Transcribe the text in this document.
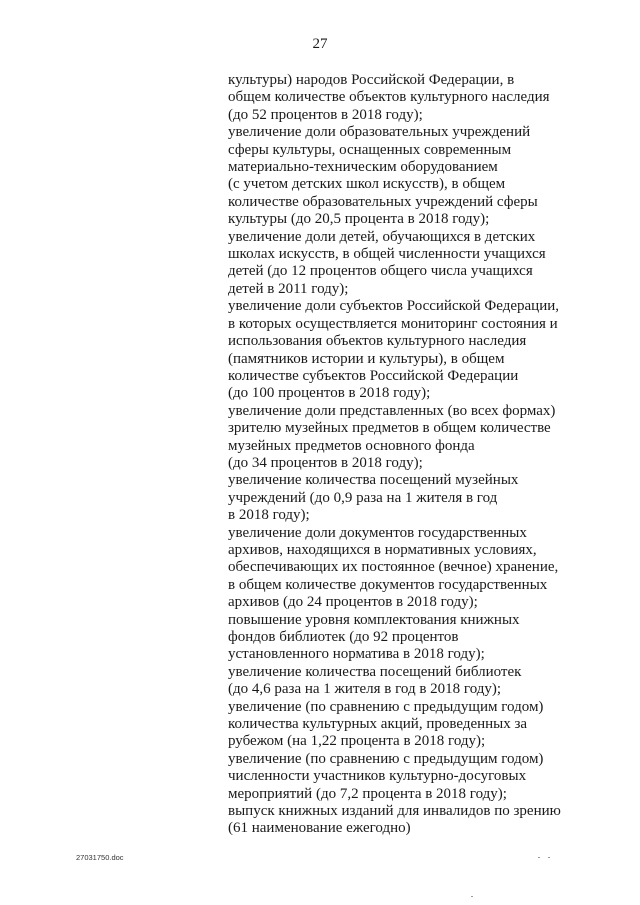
27
культуры) народов Российской Федерации, в
общем количестве объектов культурного наследия
(до 52 процентов в 2018 году);
увеличение доли образовательных учреждений
сферы культуры, оснащенных современным
материально-техническим оборудованием
(с учетом детских школ искусств), в общем
количестве образовательных учреждений сферы
культуры (до 20,5 процента в 2018 году);
увеличение доли детей, обучающихся в детских
школах искусств, в общей численности учащихся
детей (до 12 процентов общего числа учащихся
детей в 2011 году);
увеличение доли субъектов Российской Федерации,
в которых осуществляется мониторинг состояния и
использования объектов культурного наследия
(памятников истории и культуры), в общем
количестве субъектов Российской Федерации
(до 100 процентов в 2018 году);
увеличение доли представленных (во всех формах)
зрителю музейных предметов в общем количестве
музейных предметов основного фонда
(до 34 процентов в 2018 году);
увеличение количества посещений музейных
учреждений (до 0,9 раза на 1 жителя в год
в 2018 году);
увеличение доли документов государственных
архивов, находящихся в нормативных условиях,
обеспечивающих их постоянное (вечное) хранение,
в общем количестве документов государственных
архивов (до 24 процентов в 2018 году);
повышение уровня комплектования книжных
фондов библиотек (до 92 процентов
установленного норматива в 2018 году);
увеличение количества посещений библиотек
(до 4,6 раза на 1 жителя в год в 2018 году);
увеличение (по сравнению с предыдущим годом)
количества культурных акций, проведенных за
рубежом (на 1,22 процента в 2018 году);
увеличение (по сравнению с предыдущим годом)
численности участников культурно-досуговых
мероприятий (до 7,2 процента в 2018 году);
выпуск книжных изданий для инвалидов по зрению
(61 наименование ежегодно)
27031750.doc
